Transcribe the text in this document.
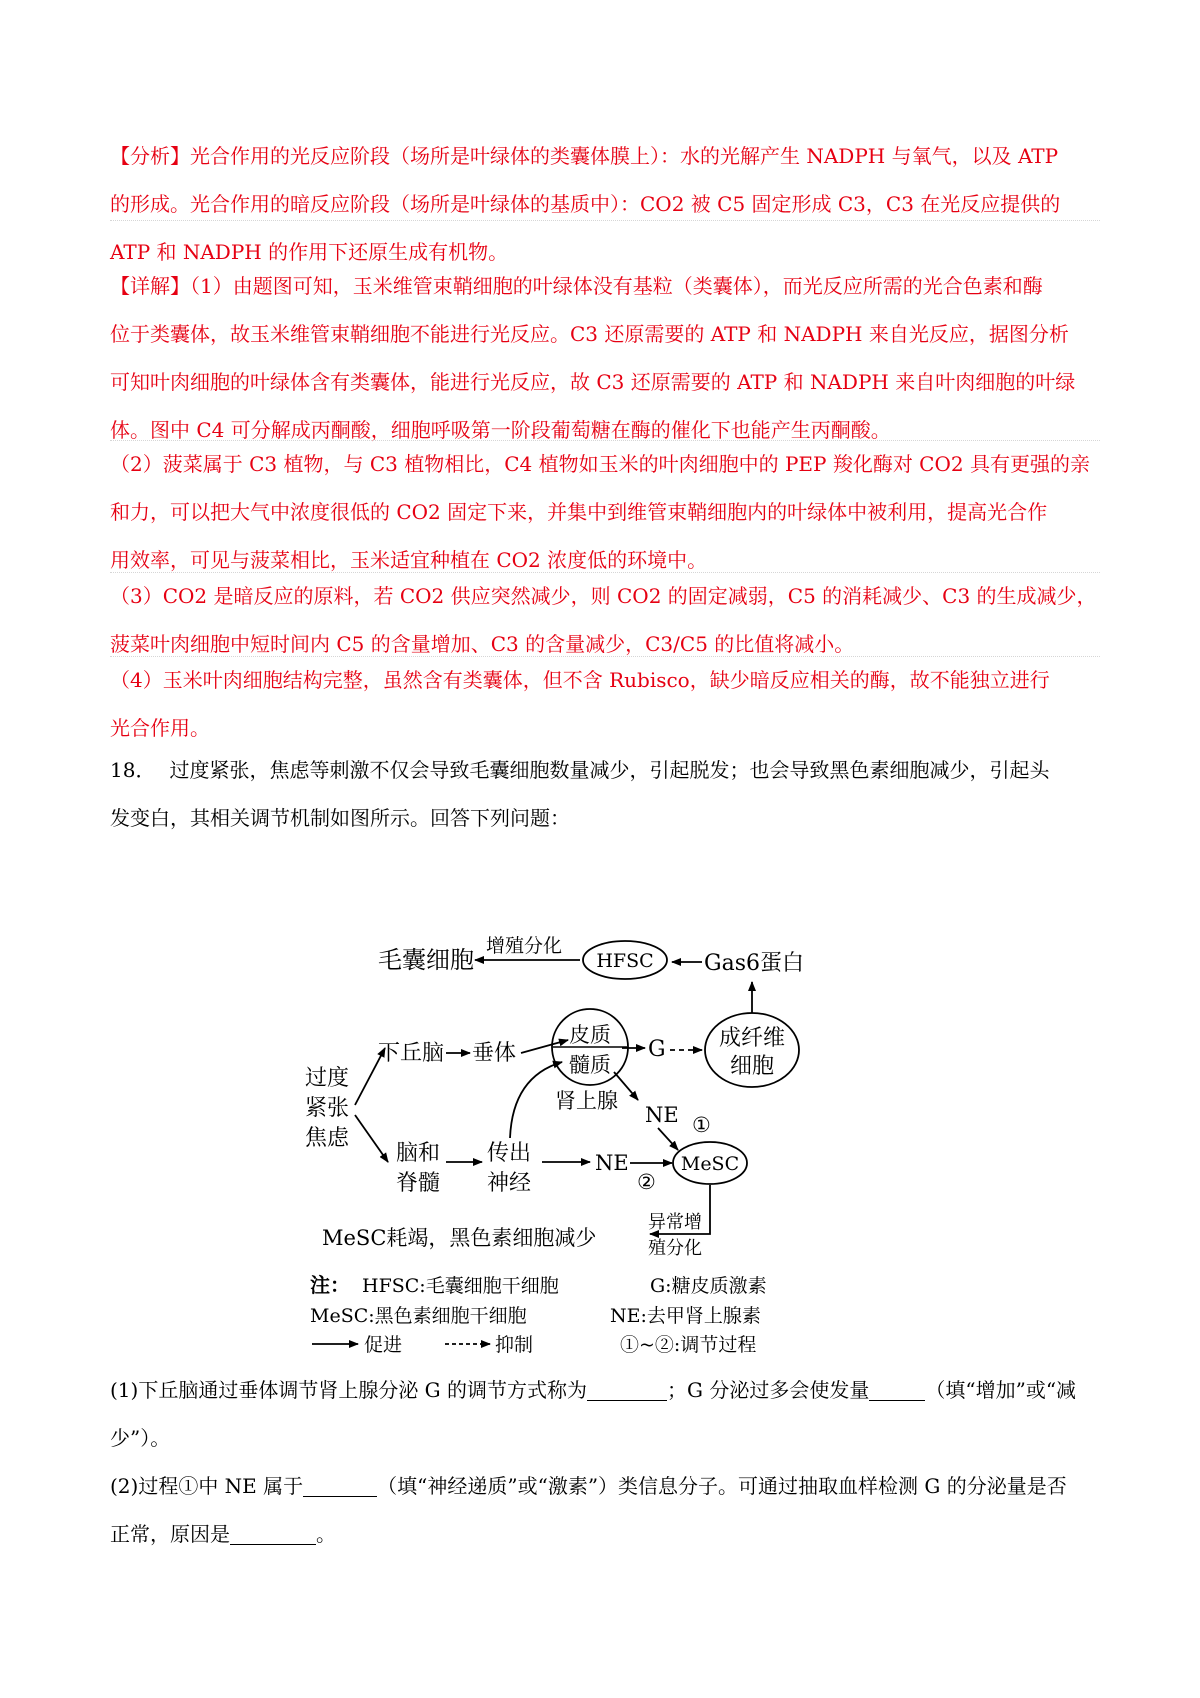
【分析】光合作用的光反应阶段（场所是叶绿体的类囊体膜上）：水的光解产生 NADPH 与氧气，以及 ATP
的形成。光合作用的暗反应阶段（场所是叶绿体的基质中）：CO2 被 C5 固定形成 C3，C3 在光反应提供的
ATP 和 NADPH 的作用下还原生成有机物。
【详解】（1）由题图可知，玉米维管束鞘细胞的叶绿体没有基粒（类囊体），而光反应所需的光合色素和酶
位于类囊体，故玉米维管束鞘细胞不能进行光反应。C3 还原需要的 ATP 和 NADPH 来自光反应，据图分析
可知叶肉细胞的叶绿体含有类囊体，能进行光反应，故 C3 还原需要的 ATP 和 NADPH 来自叶肉细胞的叶绿
体。图中 C4 可分解成丙酮酸，细胞呼吸第一阶段葡萄糖在酶的催化下也能产生丙酮酸。
（2）菠菜属于 C3 植物，与 C3 植物相比，C4 植物如玉米的叶肉细胞中的 PEP 羧化酶对 CO2 具有更强的亲
和力，可以把大气中浓度很低的 CO2 固定下来，并集中到维管束鞘细胞内的叶绿体中被利用，提高光合作
用效率，可见与菠菜相比，玉米适宜种植在 CO2 浓度低的环境中。
（3）CO2 是暗反应的原料，若 CO2 供应突然减少，则 CO2 的固定减弱，C5 的消耗减少、C3 的生成减少，
菠菜叶肉细胞中短时间内 C5 的含量增加、C3 的含量减少，C3/C5 的比值将减小。
（4）玉米叶肉细胞结构完整，虽然含有类囊体，但不含 Rubisco，缺少暗反应相关的酶，故不能独立进行
光合作用。
18． 过度紧张，焦虑等刺激不仅会导致毛囊细胞数量减少，引起脱发；也会导致黑色素细胞减少，引起头
发变白，其相关调节机制如图所示。回答下列问题：
毛囊细胞 增殖分化
HFSC Gas6蛋白
成纤维
细胞
过度
紧张
焦虑
下丘脑 垂体
皮质
髓质
肾上腺
G
NE ①
脑和
脊髓
传出
神经
NE
②
MeSC
异常增
殖分化
MeSC耗竭，黑色素细胞减少
注： HFSC:毛囊细胞干细胞	G:糖皮质激素
MeSC:黑色素细胞干细胞	NE:去甲肾上腺素
促进	抑制	①~②:调节过程
(1)下丘脑通过垂体调节肾上腺分泌 G 的调节方式称为	；G 分泌过多会使发量	（填“增加”或“减
少”）。
(2)过程①中 NE 属于	（填“神经递质”或“激素”）类信息分子。可通过抽取血样检测 G 的分泌量是否
正常，原因是	。
